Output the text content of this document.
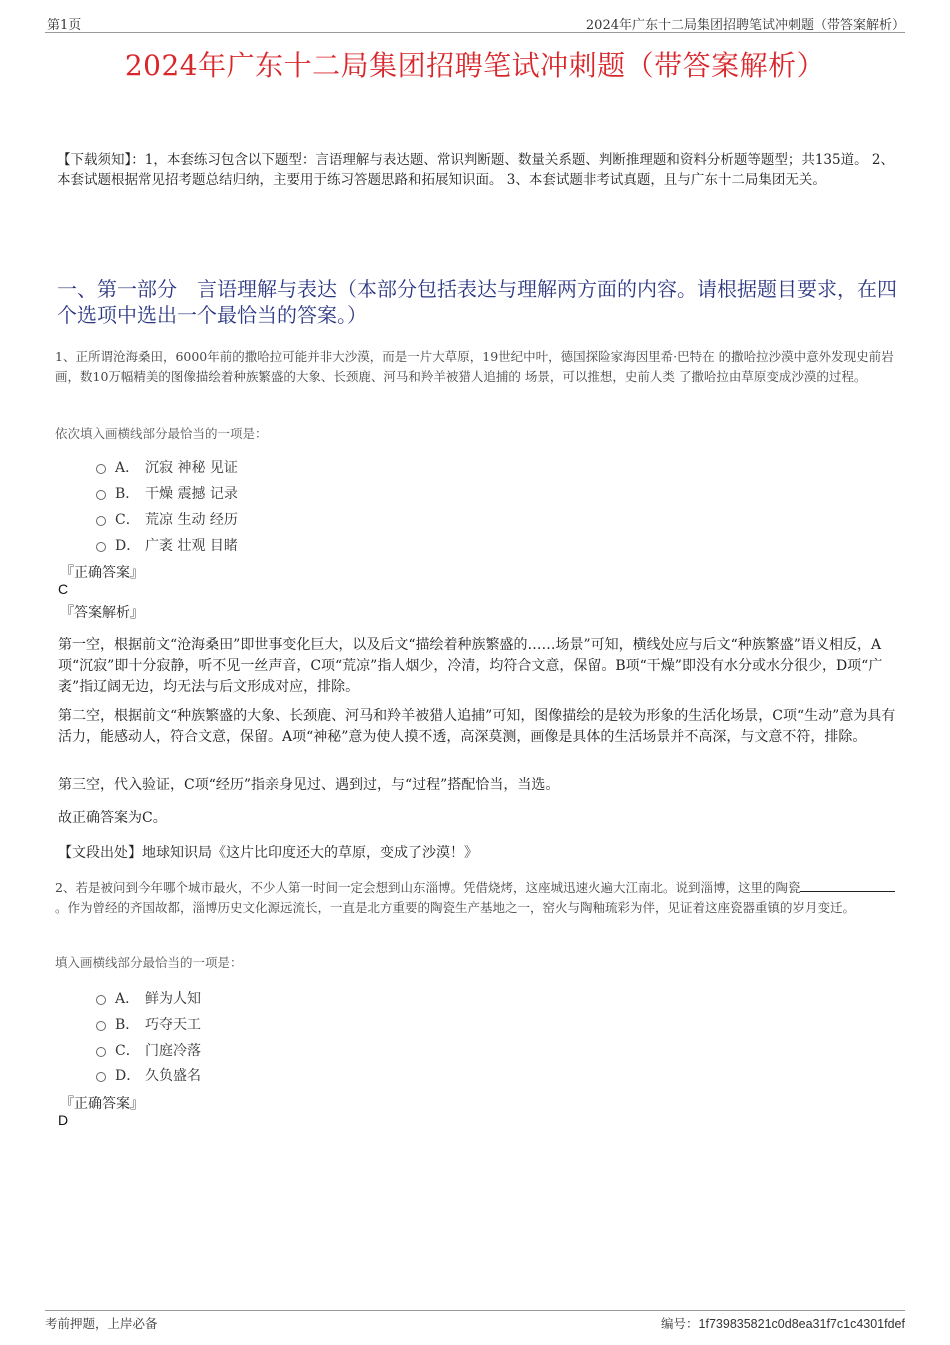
第1页	2024年广东十二局集团招聘笔试冲刺题（带答案解析）
2024年广东十二局集团招聘笔试冲刺题（带答案解析）
【下载须知】：1，本套练习包含以下题型：言语理解与表达题、常识判断题、数量关系题、判断推理题和资料分析题等题型；共135道。 2、本套试题根据常见招考题总结归纳，主要用于练习答题思路和拓展知识面。 3、本套试题非考试真题，且与广东十二局集团无关。
一、第一部分　言语理解与表达（本部分包括表达与理解两方面的内容。请根据题目要求，在四个选项中选出一个最恰当的答案。）
1、正所谓沧海桑田，6000年前的撒哈拉可能并非大沙漠，而是一片大草原，19世纪中叶，德国探险家海因里希·巴特在 的撒哈拉沙漠中意外发现史前岩画，数10万幅精美的图像描绘着种族繁盛的大象、长颈鹿、河马和羚羊被猎人追捕的 场景，可以推想，史前人类 了撒哈拉由草原变成沙漠的过程。
依次填入画横线部分最恰当的一项是：
A． 沉寂 神秘 见证
B． 干燥 震撼 记录
C． 荒凉 生动 经历
D． 广袤 壮观 目睹
『正确答案』
C
『答案解析』
第一空，根据前文“沧海桑田”即世事变化巨大，以及后文“描绘着种族繁盛的……场景”可知，横线处应与后文“种族繁盛”语义相反，A项“沉寂”即十分寂静，听不见一丝声音，C项“荒凉”指人烟少，冷清，均符合文意，保留。B项“干燥”即没有水分或水分很少，D项“广袤”指辽阔无边，均无法与后文形成对应，排除。
第二空，根据前文“种族繁盛的大象、长颈鹿、河马和羚羊被猎人追捕”可知，图像描绘的是较为形象的生活化场景，C项“生动”意为具有活力，能感动人，符合文意，保留。A项“神秘”意为使人摸不透，高深莫测，画像是具体的生活场景并不高深，与文意不符，排除。
第三空，代入验证，C项“经历”指亲身见过、遇到过，与“过程”搭配恰当，当选。
故正确答案为C。
【文段出处】地球知识局《这片比印度还大的草原，变成了沙漠！》
2、若是被问到今年哪个城市最火，不少人第一时间一定会想到山东淄博。凭借烧烤，这座城迅速火遍大江南北。说到淄博，这里的陶瓷。作为曾经的齐国故都，淄博历史文化源远流长，一直是北方重要的陶瓷生产基地之一，窑火与陶釉琉彩为伴，见证着这座瓷器重镇的岁月变迁。
填入画横线部分最恰当的一项是：
A． 鲜为人知
B． 巧夺天工
C． 门庭冷落
D． 久负盛名
『正确答案』
D
考前押题，上岸必备	编号：1f739835821c0d8ea31f7c1c4301fdef
